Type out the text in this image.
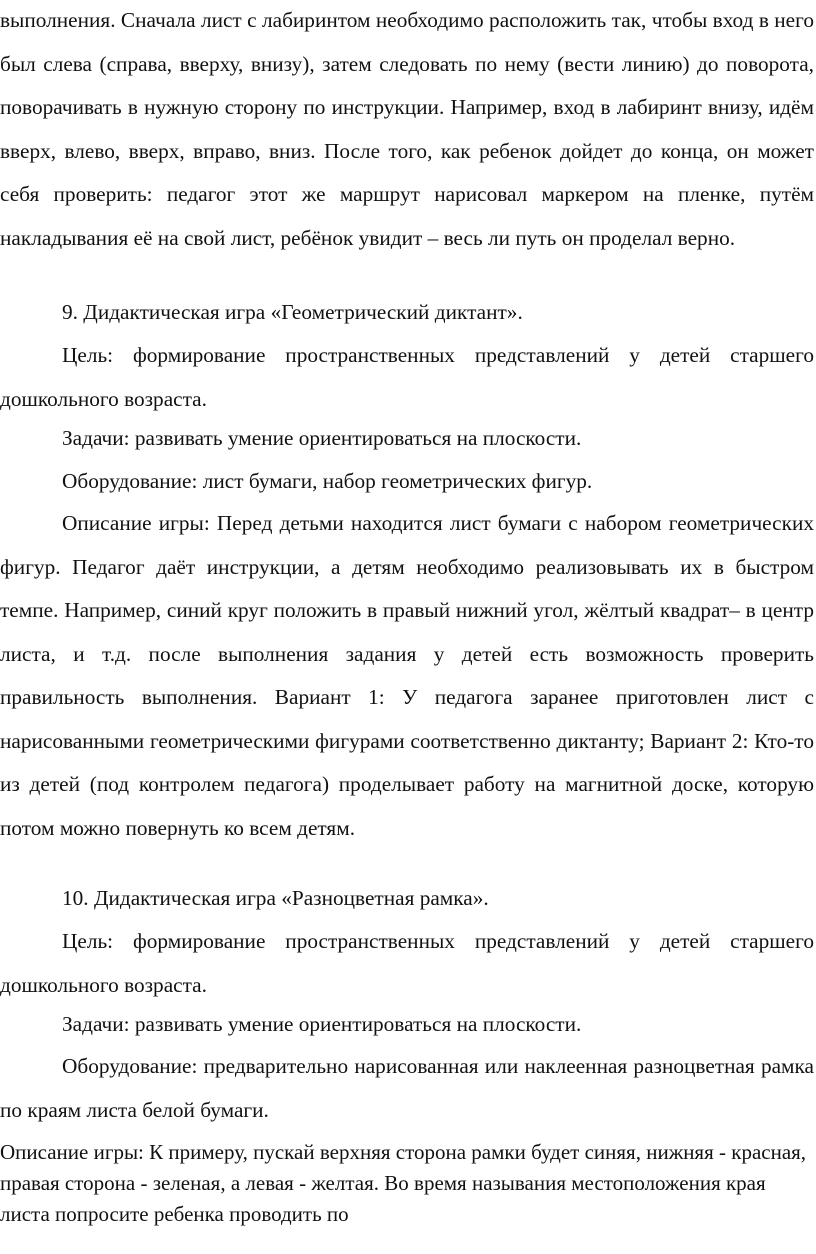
выполнения. Сначала лист с лабиринтом необходимо расположить так, чтобы вход в него был слева (справа, вверху, внизу), затем следовать по нему (вести линию) до поворота, поворачивать в нужную сторону по инструкции. Например, вход в лабиринт внизу, идём вверх, влево, вверх, вправо, вниз. После того, как ребенок дойдет до конца, он может себя проверить: педагог этот же маршрут нарисовал маркером на пленке, путём накладывания её на свой лист, ребёнок увидит – весь ли путь он проделал верно.

9. Дидактическая игра «Геометрический диктант».

Цель: формирование пространственных представлений у детей старшего дошкольного возраста.

Задачи: развивать умение ориентироваться на плоскости.

Оборудование: лист бумаги, набор геометрических фигур.

Описание игры: Перед детьми находится лист бумаги с набором геометрических фигур. Педагог даёт инструкции, а детям необходимо реализовывать их в быстром темпе. Например, синий круг положить в правый нижний угол, жёлтый квадрат– в центр листа, и т.д. после выполнения задания у детей есть возможность проверить правильность выполнения. Вариант 1: У педагога заранее приготовлен лист с нарисованными геометрическими фигурами соответственно диктанту; Вариант 2: Кто-то из детей (под контролем педагога) проделывает работу на магнитной доске, которую потом можно повернуть ко всем детям.

10. Дидактическая игра «Разноцветная рамка».

Цель: формирование пространственных представлений у детей старшего дошкольного возраста.

Задачи: развивать умение ориентироваться на плоскости.

Оборудование: предварительно нарисованная или наклеенная разноцветная рамка по краям листа белой бумаги.

Описание игры: К примеру, пускай верхняя сторона рамки будет синяя, нижняя - красная, правая сторона - зеленая, а левая - желтая. Во время называния местоположения края листа попросите ребенка проводить по
